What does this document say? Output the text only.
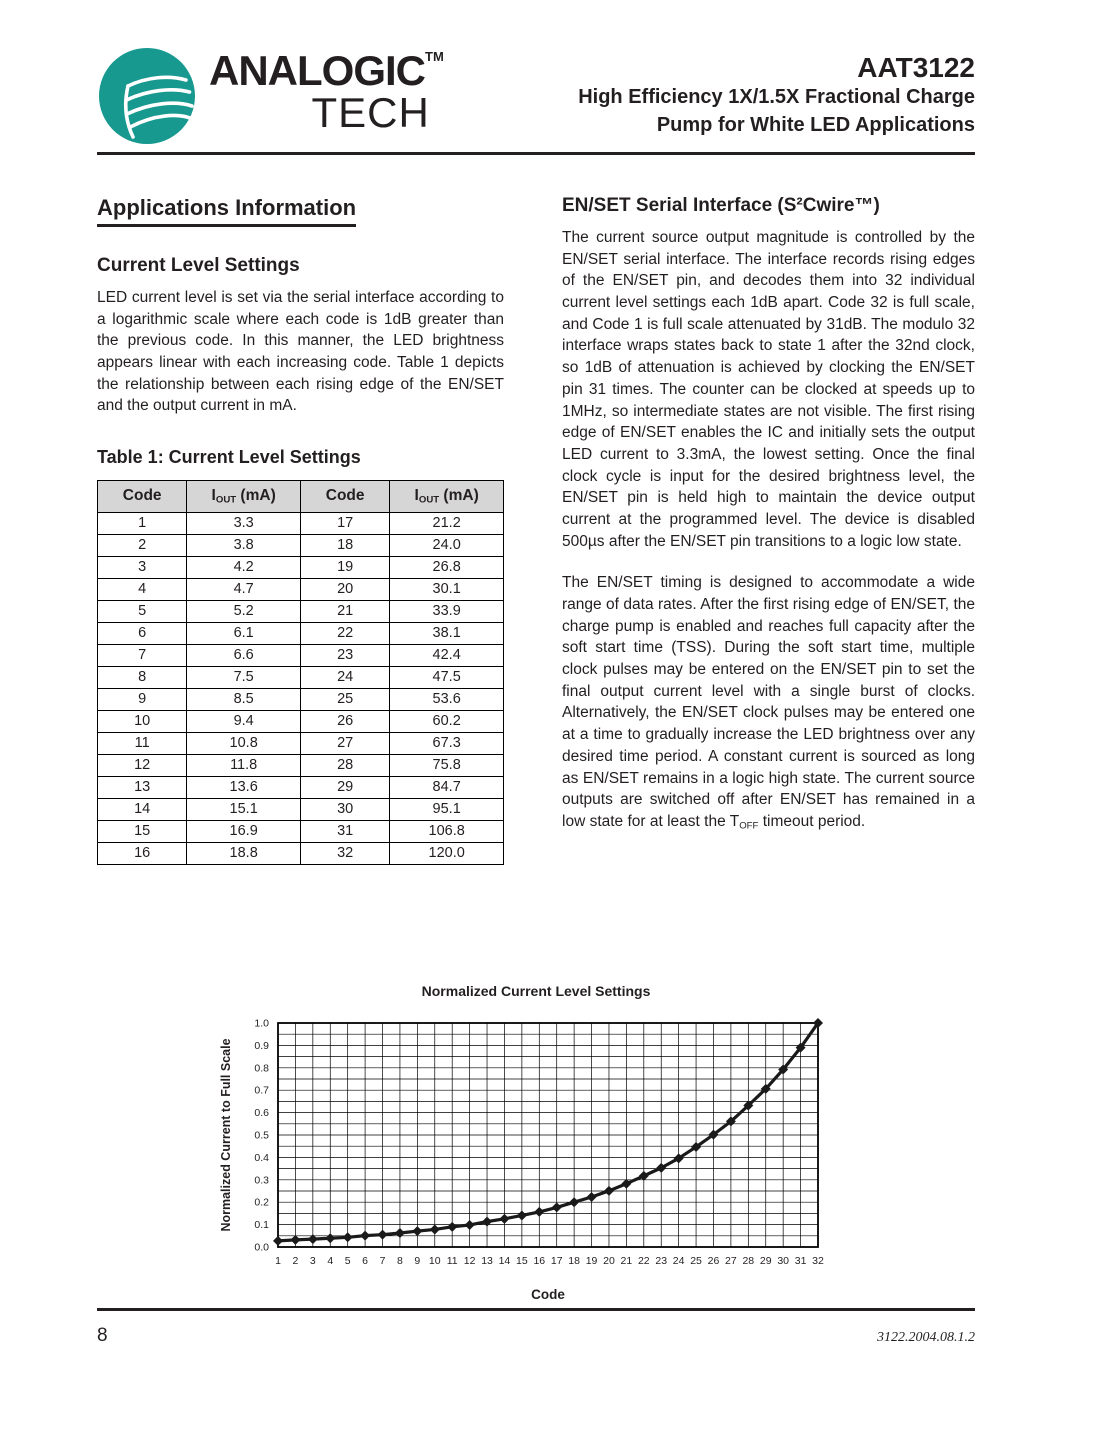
ANALOGIC™
TECH
AAT3122
High Efficiency 1X/1.5X Fractional Charge
Pump for White LED Applications
Applications Information
Current Level Settings

LED current level is set via the serial interface according to a logarithmic scale where each code is 1dB greater than the previous code. In this manner, the LED brightness appears linear with each increasing code. Table 1 depicts the relationship between each rising edge of the EN/SET and the output current in mA.

Table 1: Current Level Settings
Code	IOUT (mA)	Code	IOUT (mA)
1	3.3	17	21.2
2	3.8	18	24.0
3	4.2	19	26.8
4	4.7	20	30.1
5	5.2	21	33.9
6	6.1	22	38.1
7	6.6	23	42.4
8	7.5	24	47.5
9	8.5	25	53.6
10	9.4	26	60.2
11	10.8	27	67.3
12	11.8	28	75.8
13	13.6	29	84.7
14	15.1	30	95.1
15	16.9	31	106.8
16	18.8	32	120.0
EN/SET Serial Interface (S²Cwire™)

The current source output magnitude is controlled by the EN/SET serial interface. The interface records rising edges of the EN/SET pin, and decodes them into 32 individual current level settings each 1dB apart. Code 32 is full scale, and Code 1 is full scale attenuated by 31dB. The modulo 32 interface wraps states back to state 1 after the 32nd clock, so 1dB of attenuation is achieved by clocking the EN/SET pin 31 times. The counter can be clocked at speeds up to 1MHz, so intermediate states are not visible. The first rising edge of EN/SET enables the IC and initially sets the output LED current to 3.3mA, the lowest setting. Once the final clock cycle is input for the desired brightness level, the EN/SET pin is held high to maintain the device output current at the programmed level. The device is disabled 500µs after the EN/SET pin transitions to a logic low state.

The EN/SET timing is designed to accommodate a wide range of data rates. After the first rising edge of EN/SET, the charge pump is enabled and reaches full capacity after the soft start time (TSS). During the soft start time, multiple clock pulses may be entered on the EN/SET pin to set the final output current level with a single burst of clocks. Alternatively, the EN/SET clock pulses may be entered one at a time to gradually increase the LED brightness over any desired time period. A constant current is sourced as long as EN/SET remains in a logic high state. The current source outputs are switched off after EN/SET has remained in a low state for at least the TOFF timeout period.

Normalized Current Level Settings
0.0
0.1
0.2
0.3
0.4
0.5
0.6
0.7
0.8
0.9
1.0
1 2 3 4 5 6 7 8 9 10 11 12 13 14 15 16 17 18 19 20 21 22 23 24 25 26 27 28 29 30 31 32
Normalized Current to Full Scale
Code
8	3122.2004.08.1.2
